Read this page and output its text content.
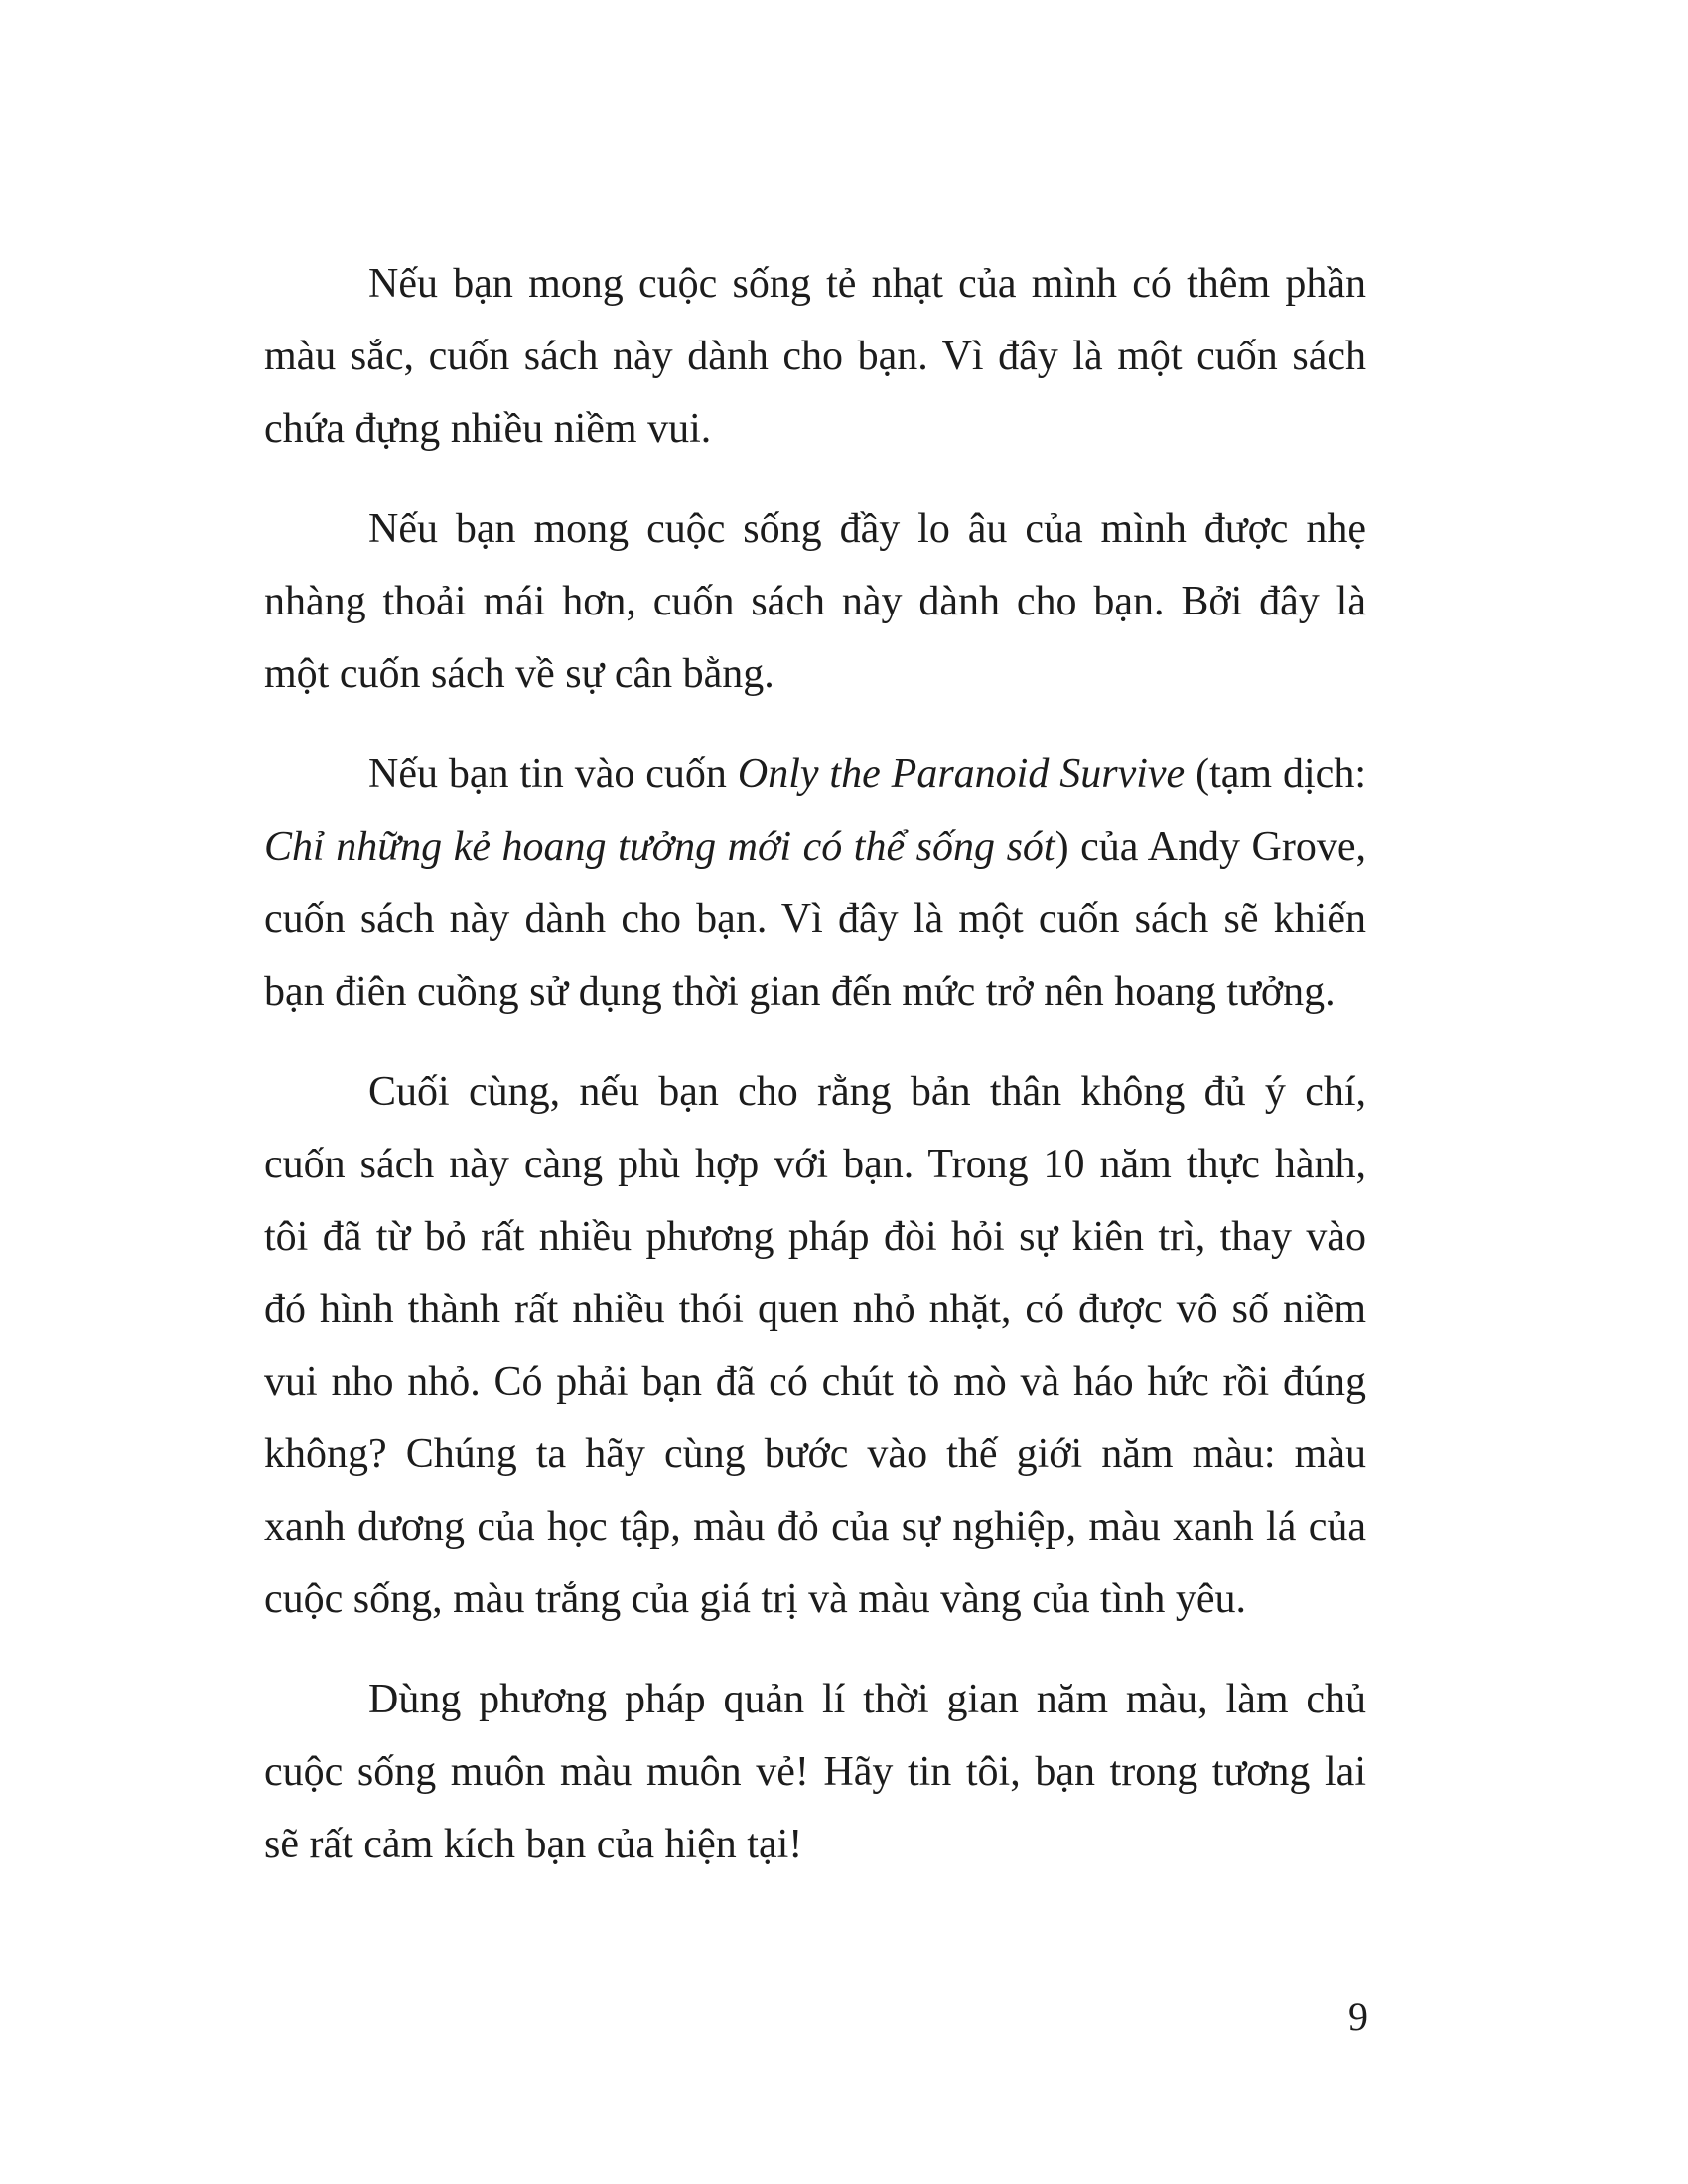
Nếu bạn mong cuộc sống tẻ nhạt của mình có thêm phần
màu sắc, cuốn sách này dành cho bạn. Vì đây là một cuốn sách
chứa đựng nhiều niềm vui.
Nếu bạn mong cuộc sống đầy lo âu của mình được nhẹ
nhàng thoải mái hơn, cuốn sách này dành cho bạn. Bởi đây là
một cuốn sách về sự cân bằng.
Nếu bạn tin vào cuốn Only the Paranoid Survive (tạm dịch:
Chỉ những kẻ hoang tưởng mới có thể sống sót) của Andy Grove,
cuốn sách này dành cho bạn. Vì đây là một cuốn sách sẽ khiến
bạn điên cuồng sử dụng thời gian đến mức trở nên hoang tưởng.
Cuối cùng, nếu bạn cho rằng bản thân không đủ ý chí,
cuốn sách này càng phù hợp với bạn. Trong 10 năm thực hành,
tôi đã từ bỏ rất nhiều phương pháp đòi hỏi sự kiên trì, thay vào
đó hình thành rất nhiều thói quen nhỏ nhặt, có được vô số niềm
vui nho nhỏ. Có phải bạn đã có chút tò mò và háo hức rồi đúng
không? Chúng ta hãy cùng bước vào thế giới năm màu: màu
xanh dương của học tập, màu đỏ của sự nghiệp, màu xanh lá của
cuộc sống, màu trắng của giá trị và màu vàng của tình yêu.
Dùng phương pháp quản lí thời gian năm màu, làm chủ
cuộc sống muôn màu muôn vẻ! Hãy tin tôi, bạn trong tương lai
sẽ rất cảm kích bạn của hiện tại!
9
